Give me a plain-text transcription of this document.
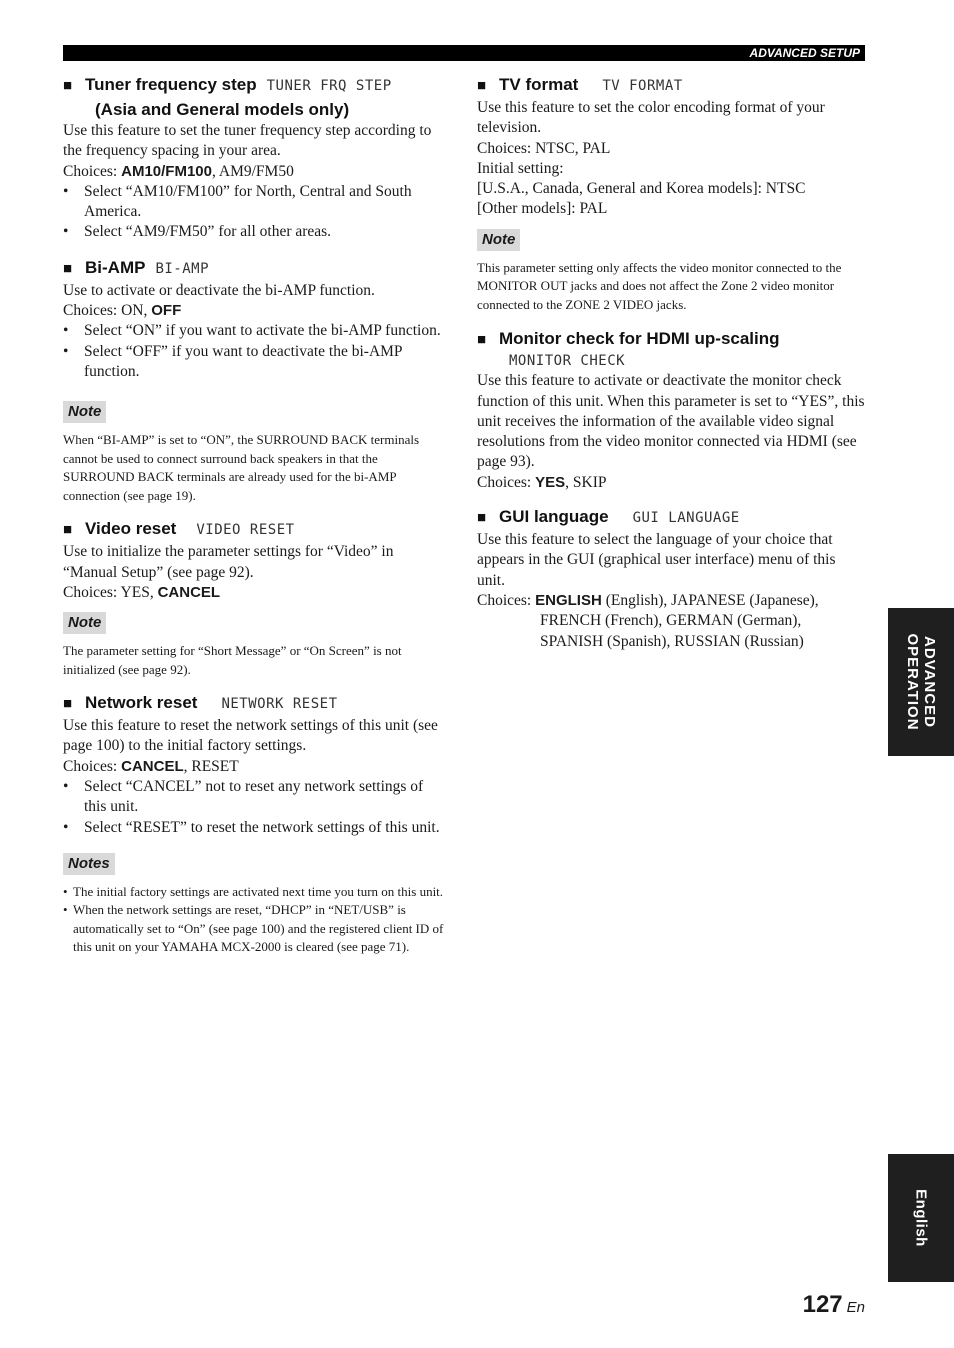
ADVANCED SETUP
■ Tuner frequency step TUNER FRQ STEP
(Asia and General models only)

Use this feature to set the tuner frequency step according to the frequency spacing in your area.

Choices: AM10/FM100, AM9/FM50

• Select “AM10/FM100” for North, Central and South America.
• Select “AM9/FM50” for all other areas.
■ Bi-AMP BI-AMP

Use to activate or deactivate the bi-AMP function.

Choices: ON, OFF

• Select “ON” if you want to activate the bi-AMP function.
• Select “OFF” if you want to deactivate the bi-AMP function.
Note

When “BI-AMP” is set to “ON”, the SURROUND BACK terminals cannot be used to connect surround back speakers in that the SURROUND BACK terminals are already used for the bi-AMP connection (see page 19).

■ Video reset VIDEO RESET

Use to initialize the parameter settings for “Video” in “Manual Setup” (see page 92).

Choices: YES, CANCEL

Note

The parameter setting for “Short Message” or “On Screen” is not initialized (see page 92).

■ Network reset NETWORK RESET

Use this feature to reset the network settings of this unit (see page 100) to the initial factory settings.

Choices: CANCEL, RESET

• Select “CANCEL” not to reset any network settings of this unit.
• Select “RESET” to reset the network settings of this unit.
Notes
• The initial factory settings are activated next time you turn on this unit.
• When the network settings are reset, “DHCP” in “NET/USB” is automatically set to “On” (see page 100) and the registered client ID of this unit on your YAMAHA MCX-2000 is cleared (see page 71).
■ TV format TV FORMAT

Use this feature to set the color encoding format of your television.

Choices: NTSC, PAL

Initial setting:

[U.S.A., Canada, General and Korea models]: NTSC

[Other models]: PAL

Note

This parameter setting only affects the video monitor connected to the MONITOR OUT jacks and does not affect the Zone 2 video monitor connected to the ZONE 2 VIDEO jacks.

■ Monitor check for HDMI up-scaling
MONITOR CHECK

Use this feature to activate or deactivate the monitor check function of this unit. When this parameter is set to “YES”, this unit receives the information of the available video signal resolutions from the video monitor connected via HDMI (see page 93).

Choices: YES, SKIP

■ GUI language GUI LANGUAGE

Use this feature to select the language of your choice that appears in the GUI (graphical user interface) menu of this unit.

Choices: ENGLISH (English), JAPANESE (Japanese), FRENCH (French), GERMAN (German), SPANISH (Spanish), RUSSIAN (Russian)	ADVANCED
OPERATION
English
127 En
